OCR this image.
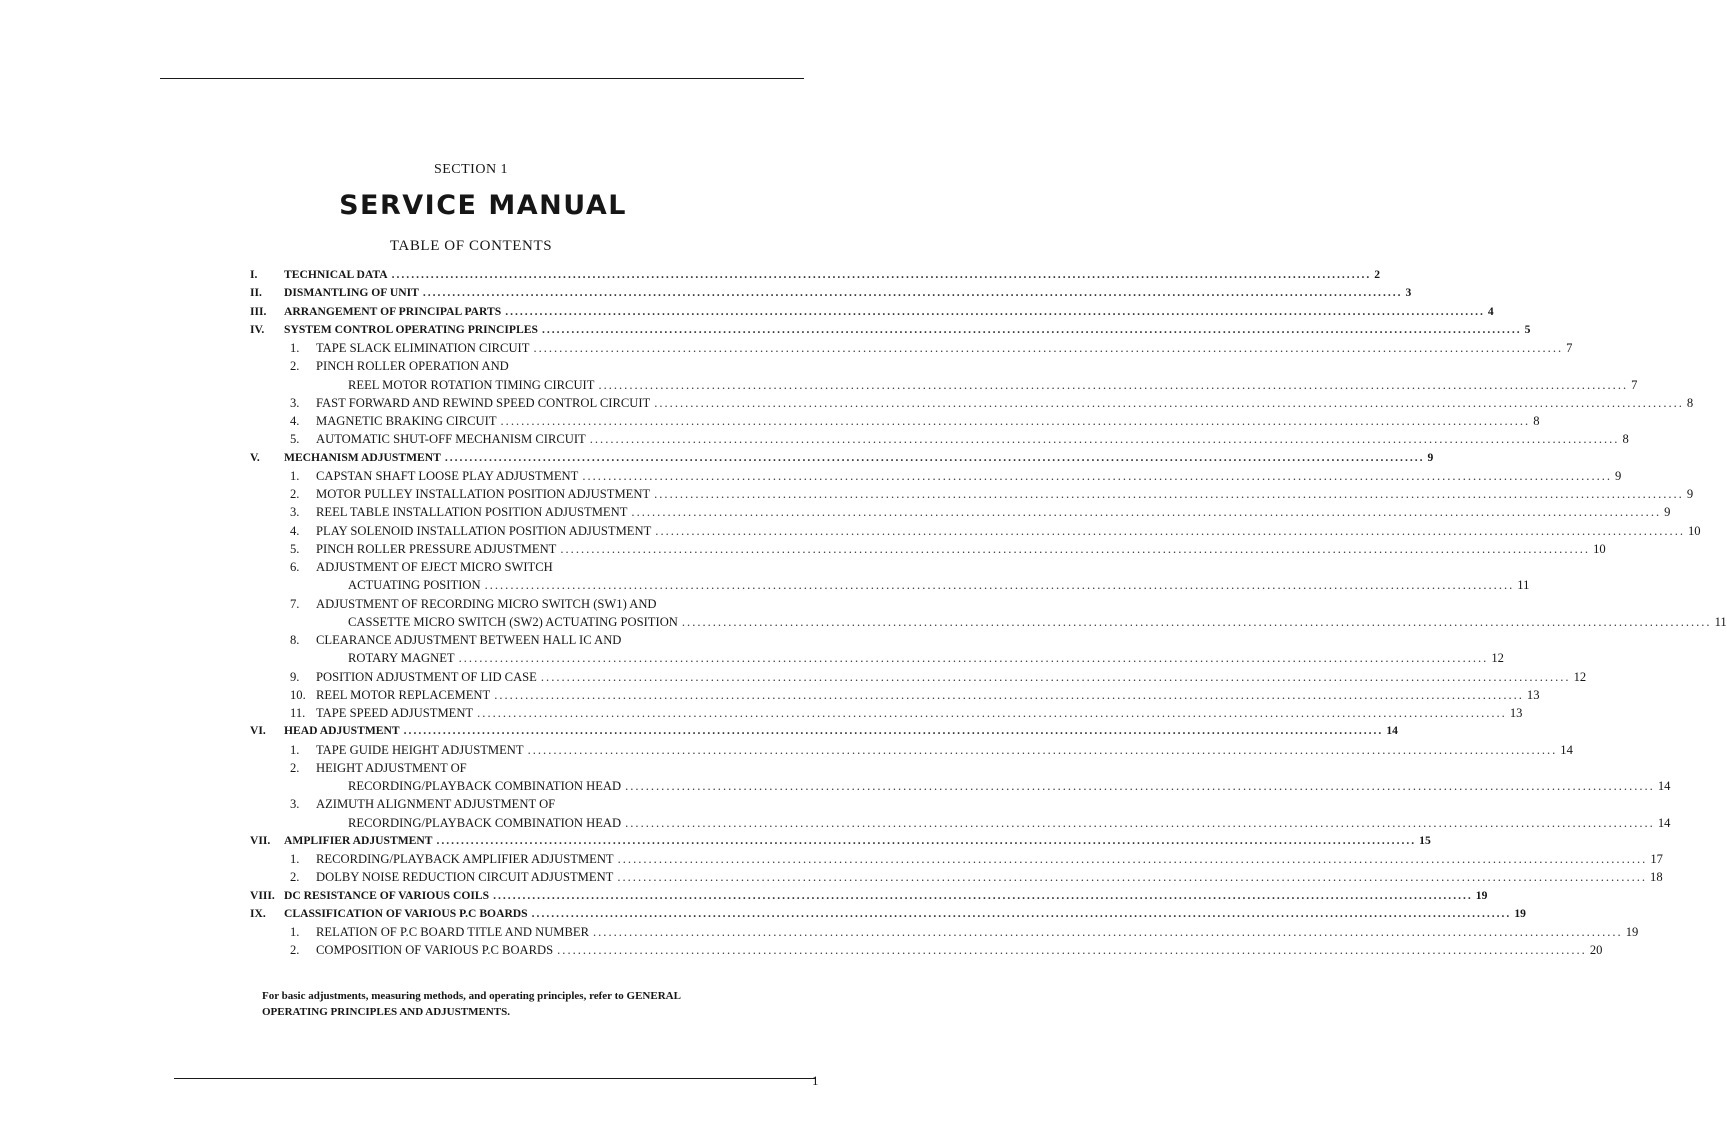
SECTION 1
SERVICE MANUAL
TABLE OF CONTENTS
I. TECHNICAL DATA ........................................................................................................................................................................................................ 2
II. DISMANTLING OF UNIT ........................................................................................................................................................................................................ 3
III. ARRANGEMENT OF PRINCIPAL PARTS ........................................................................................................................................................................................................ 4
IV. SYSTEM CONTROL OPERATING PRINCIPLES ........................................................................................................................................................................................................ 5
1. TAPE SLACK ELIMINATION CIRCUIT ........................................................................................................................................................................................................ 7
2. PINCH ROLLER OPERATION AND
REEL MOTOR ROTATION TIMING CIRCUIT ........................................................................................................................................................................................................ 7
3. FAST FORWARD AND REWIND SPEED CONTROL CIRCUIT ........................................................................................................................................................................................................ 8
4. MAGNETIC BRAKING CIRCUIT ........................................................................................................................................................................................................ 8
5. AUTOMATIC SHUT-OFF MECHANISM CIRCUIT ........................................................................................................................................................................................................ 8
V. MECHANISM ADJUSTMENT ........................................................................................................................................................................................................ 9
1. CAPSTAN SHAFT LOOSE PLAY ADJUSTMENT ........................................................................................................................................................................................................ 9
2. MOTOR PULLEY INSTALLATION POSITION ADJUSTMENT ........................................................................................................................................................................................................ 9
3. REEL TABLE INSTALLATION POSITION ADJUSTMENT ........................................................................................................................................................................................................ 9
4. PLAY SOLENOID INSTALLATION POSITION ADJUSTMENT ........................................................................................................................................................................................................ 10
5. PINCH ROLLER PRESSURE ADJUSTMENT ........................................................................................................................................................................................................ 10
6. ADJUSTMENT OF EJECT MICRO SWITCH
ACTUATING POSITION ........................................................................................................................................................................................................ 11
7. ADJUSTMENT OF RECORDING MICRO SWITCH (SW1) AND
CASSETTE MICRO SWITCH (SW2) ACTUATING POSITION ........................................................................................................................................................................................................ 11
8. CLEARANCE ADJUSTMENT BETWEEN HALL IC AND
ROTARY MAGNET ........................................................................................................................................................................................................ 12
9. POSITION ADJUSTMENT OF LID CASE ........................................................................................................................................................................................................ 12
10. REEL MOTOR REPLACEMENT ........................................................................................................................................................................................................ 13
11. TAPE SPEED ADJUSTMENT ........................................................................................................................................................................................................ 13
VI. HEAD ADJUSTMENT ........................................................................................................................................................................................................ 14
1. TAPE GUIDE HEIGHT ADJUSTMENT ........................................................................................................................................................................................................ 14
2. HEIGHT ADJUSTMENT OF
RECORDING/PLAYBACK COMBINATION HEAD ........................................................................................................................................................................................................ 14
3. AZIMUTH ALIGNMENT ADJUSTMENT OF
RECORDING/PLAYBACK COMBINATION HEAD ........................................................................................................................................................................................................ 14
VII. AMPLIFIER ADJUSTMENT ........................................................................................................................................................................................................ 15
1. RECORDING/PLAYBACK AMPLIFIER ADJUSTMENT ........................................................................................................................................................................................................ 17
2. DOLBY NOISE REDUCTION CIRCUIT ADJUSTMENT ........................................................................................................................................................................................................ 18
VIII. DC RESISTANCE OF VARIOUS COILS ........................................................................................................................................................................................................ 19
IX. CLASSIFICATION OF VARIOUS P.C BOARDS ........................................................................................................................................................................................................ 19
1. RELATION OF P.C BOARD TITLE AND NUMBER ........................................................................................................................................................................................................ 19
2. COMPOSITION OF VARIOUS P.C BOARDS ........................................................................................................................................................................................................ 20
For basic adjustments, measuring methods, and operating principles, refer to GENERAL OPERATING PRINCIPLES AND ADJUSTMENTS.
1
